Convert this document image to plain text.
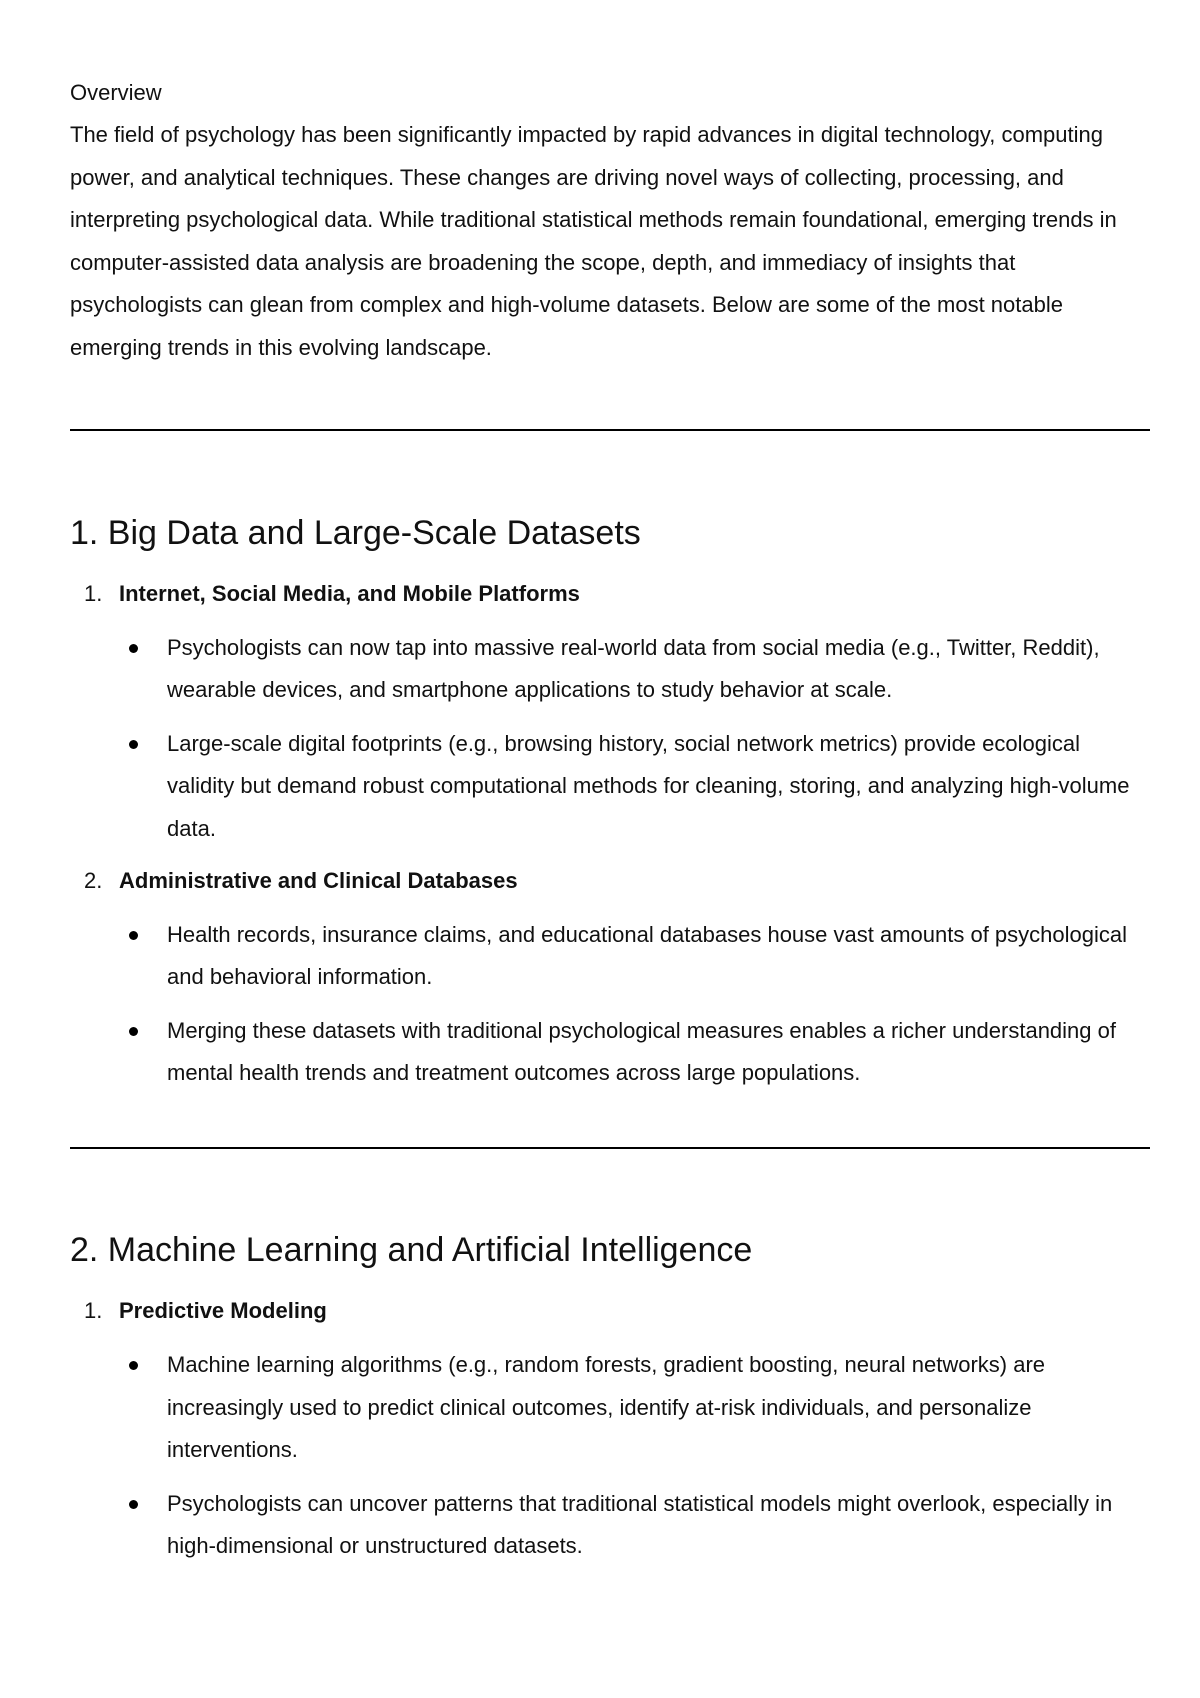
Overview

The field of psychology has been significantly impacted by rapid advances in digital technology, computing power, and analytical techniques. These changes are driving novel ways of collecting, processing, and interpreting psychological data. While traditional statistical methods remain foundational, emerging trends in computer-assisted data analysis are broadening the scope, depth, and immediacy of insights that psychologists can glean from complex and high-volume datasets. Below are some of the most notable emerging trends in this evolving landscape.

1. Big Data and Large-Scale Datasets
1. Internet, Social Media, and Mobile Platforms
Psychologists can now tap into massive real-world data from social media (e.g., Twitter, Reddit), wearable devices, and smartphone applications to study behavior at scale.
Large-scale digital footprints (e.g., browsing history, social network metrics) provide ecological validity but demand robust computational methods for cleaning, storing, and analyzing high-volume data.
2. Administrative and Clinical Databases
Health records, insurance claims, and educational databases house vast amounts of psychological and behavioral information.
Merging these datasets with traditional psychological measures enables a richer understanding of mental health trends and treatment outcomes across large populations.
2. Machine Learning and Artificial Intelligence
1. Predictive Modeling
Machine learning algorithms (e.g., random forests, gradient boosting, neural networks) are increasingly used to predict clinical outcomes, identify at-risk individuals, and personalize interventions.
Psychologists can uncover patterns that traditional statistical models might overlook, especially in high-dimensional or unstructured datasets.
